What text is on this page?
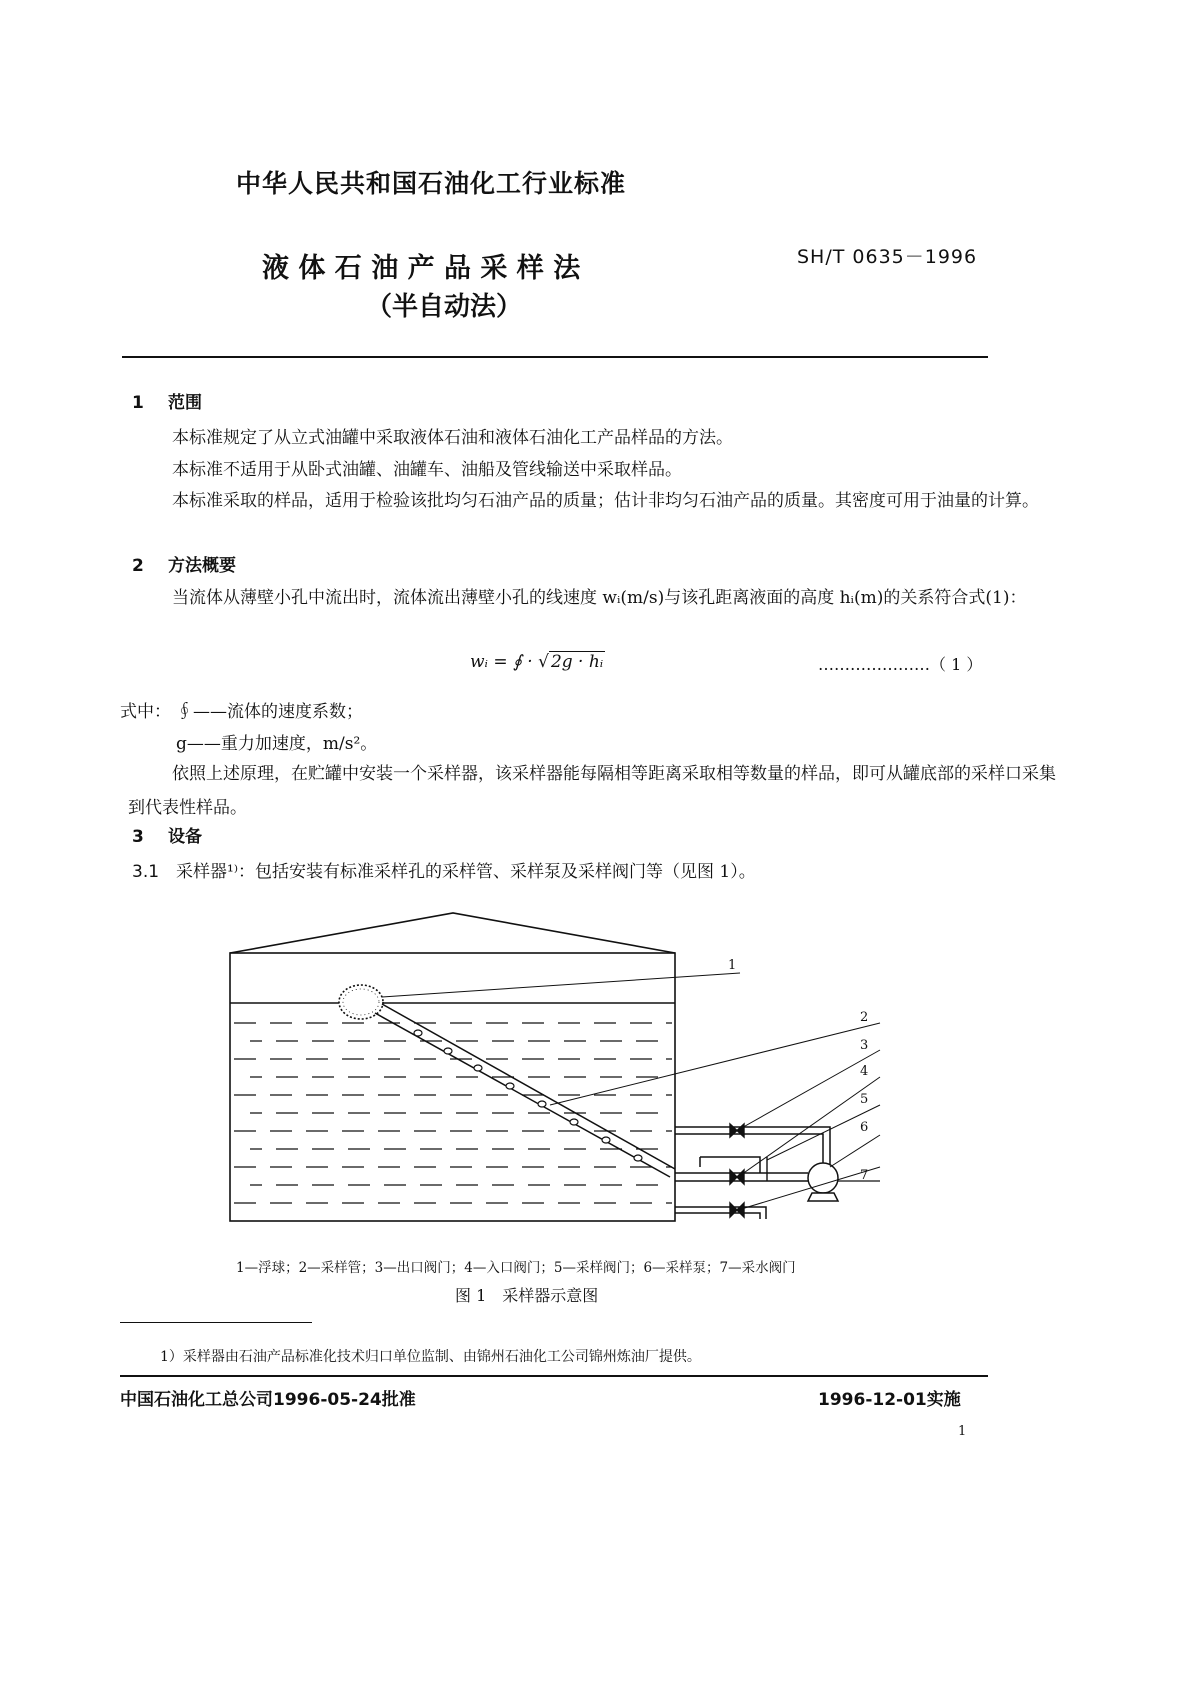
中华人民共和国石油化工行业标准
液 体 石 油 产 品 采 样 法
（半自动法）
SH/T 0635－1996
1 范围
本标准规定了从立式油罐中采取液体石油和液体石油化工产品样品的方法。
本标准不适用于从卧式油罐、油罐车、油船及管线输送中采取样品。
本标准采取的样品，适用于检验该批均匀石油产品的质量；估计非均匀石油产品的质量。其密度可用于油量的计算。
2 方法概要
当流体从薄壁小孔中流出时，流体流出薄壁小孔的线速度 wᵢ(m/s)与该孔距离液面的高度 hᵢ(m)的关系符合式(1)：
wᵢ = ∮ · √ 2g · hᵢ	…………………（ 1 ）
式中： ∮——流体的速度系数；
g——重力加速度，m/s²。
依照上述原理，在贮罐中安装一个采样器，该采样器能每隔相等距离采取相等数量的样品，即可从罐底部的采样口采集到代表性样品。
3 设备
3.1 采样器¹⁾：包括安装有标准采样孔的采样管、采样泵及采样阀门等（见图 1）。
1
2
3
4
5
6
7
1—浮球；2—采样管；3—出口阀门；4—入口阀门；5—采样阀门；6—采样泵；7—采水阀门
图 1　采样器示意图
1）采样器由石油产品标准化技术归口单位监制、由锦州石油化工公司锦州炼油厂提供。
中国石油化工总公司1996-05-24批准	1996-12-01实施
1
